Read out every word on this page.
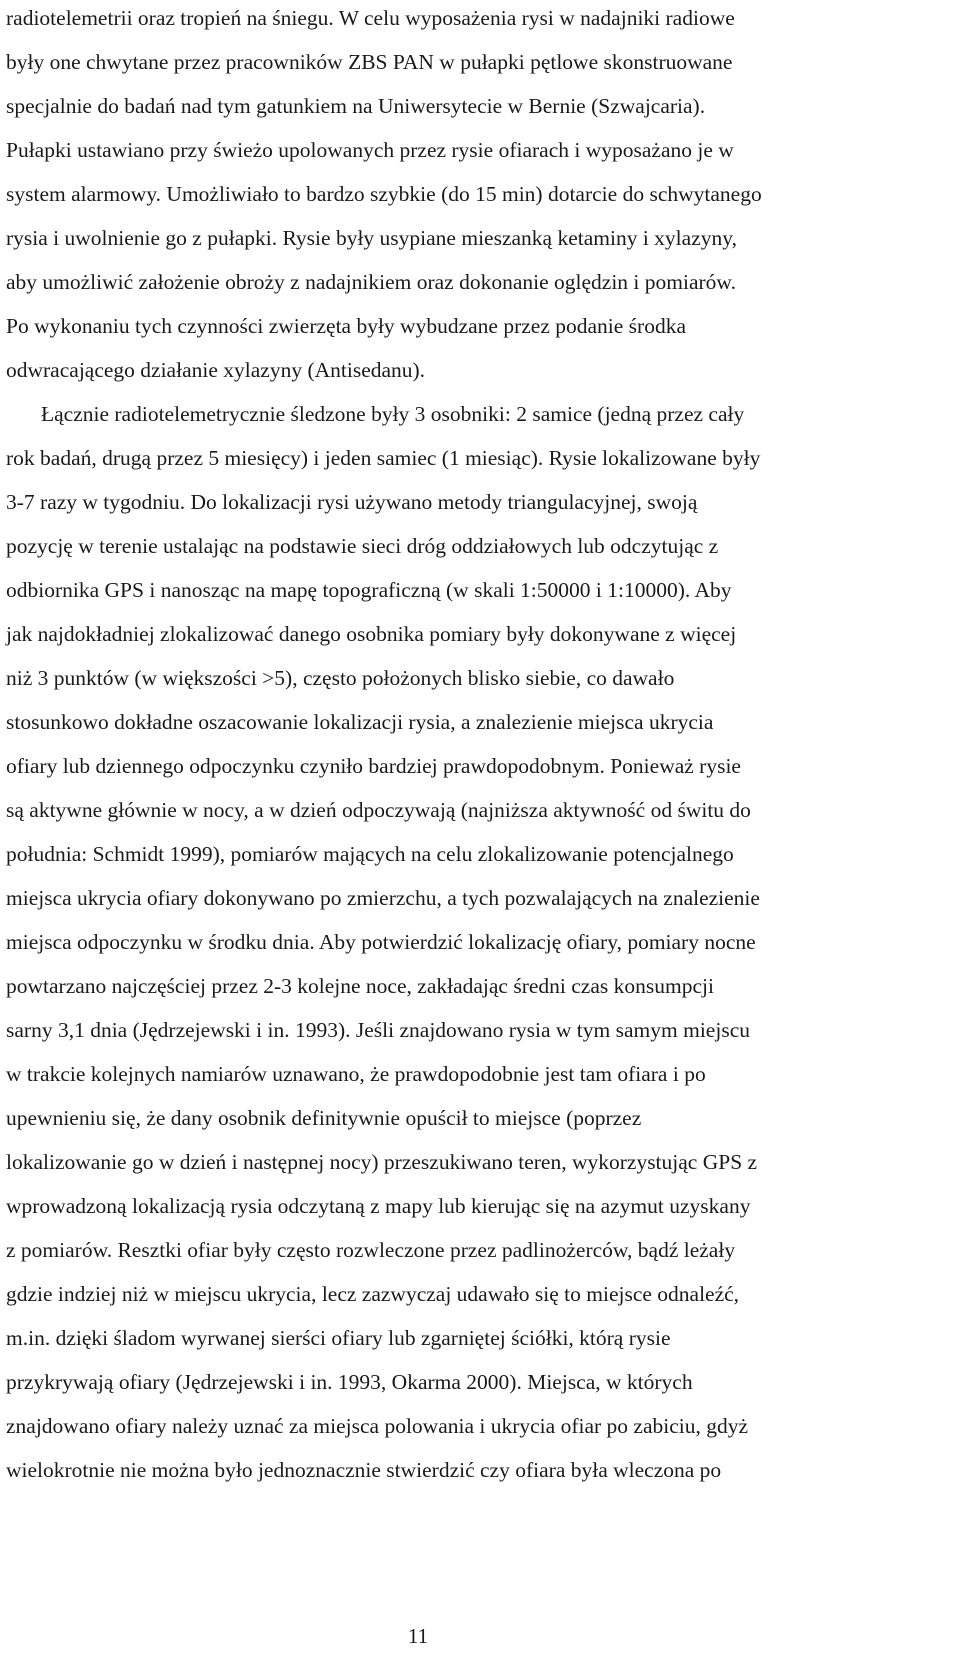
radiotelemetrii oraz tropień na śniegu. W celu wyposażenia rysi w nadajniki radiowe
były one chwytane przez pracowników ZBS PAN w pułapki pętlowe skonstruowane
specjalnie do badań nad tym gatunkiem na Uniwersytecie w Bernie (Szwajcaria).
Pułapki ustawiano przy świeżo upolowanych przez rysie ofiarach i wyposażano je w
system alarmowy. Umożliwiało to bardzo szybkie (do 15 min) dotarcie do schwytanego
rysia i uwolnienie go z pułapki. Rysie były usypiane mieszanką ketaminy i xylazyny,
aby umożliwić założenie obroży z nadajnikiem oraz dokonanie oględzin i pomiarów.
Po wykonaniu tych czynności zwierzęta były wybudzane przez podanie środka
odwracającego działanie xylazyny (Antisedanu).
Łącznie radiotelemetrycznie śledzone były 3 osobniki: 2 samice (jedną przez cały
rok badań, drugą przez 5 miesięcy) i jeden samiec (1 miesiąc). Rysie lokalizowane były
3-7 razy w tygodniu. Do lokalizacji rysi używano metody triangulacyjnej, swoją
pozycję w terenie ustalając na podstawie sieci dróg oddziałowych lub odczytując z
odbiornika GPS i nanosząc na mapę topograficzną (w skali 1:50000 i 1:10000). Aby
jak najdokładniej zlokalizować danego osobnika pomiary były dokonywane z więcej
niż 3 punktów (w większości >5), często położonych blisko siebie, co dawało
stosunkowo dokładne oszacowanie lokalizacji rysia, a znalezienie miejsca ukrycia
ofiary lub dziennego odpoczynku czyniło bardziej prawdopodobnym. Ponieważ rysie
są aktywne głównie w nocy, a w dzień odpoczywają (najniższa aktywność od świtu do
południa: Schmidt 1999), pomiarów mających na celu zlokalizowanie potencjalnego
miejsca ukrycia ofiary dokonywano po zmierzchu, a tych pozwalających na znalezienie
miejsca odpoczynku w środku dnia. Aby potwierdzić lokalizację ofiary, pomiary nocne
powtarzano najczęściej przez 2-3 kolejne noce, zakładając średni czas konsumpcji
sarny 3,1 dnia (Jędrzejewski i in. 1993). Jeśli znajdowano rysia w tym samym miejscu
w trakcie kolejnych namiarów uznawano, że prawdopodobnie jest tam ofiara i po
upewnieniu się, że dany osobnik definitywnie opuścił to miejsce (poprzez
lokalizowanie go w dzień i następnej nocy) przeszukiwano teren, wykorzystując GPS z
wprowadzoną lokalizacją rysia odczytaną z mapy lub kierując się na azymut uzyskany
z pomiarów. Resztki ofiar były często rozwleczone przez padlinożerców, bądź leżały
gdzie indziej niż w miejscu ukrycia, lecz zazwyczaj udawało się to miejsce odnaleźć,
m.in. dzięki śladom wyrwanej sierści ofiary lub zgarniętej ściółki, którą rysie
przykrywają ofiary (Jędrzejewski i in. 1993, Okarma 2000). Miejsca, w których
znajdowano ofiary należy uznać za miejsca polowania i ukrycia ofiar po zabiciu, gdyż
wielokrotnie nie można było jednoznacznie stwierdzić czy ofiara była wleczona po
11
